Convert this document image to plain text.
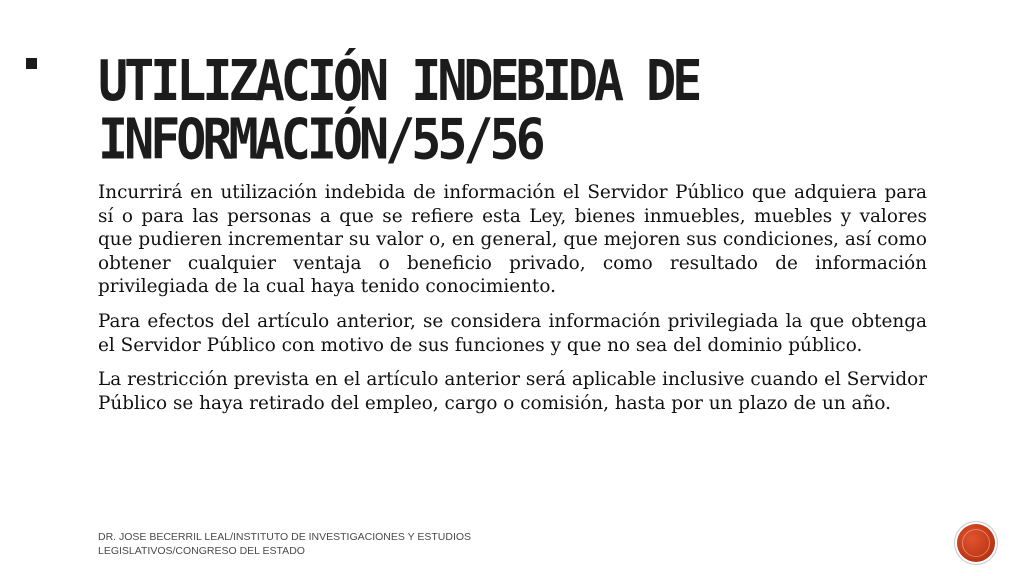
UTILIZACIÓN INDEBIDA DE
INFORMACIÓN/55/56

Incurrirá en utilización indebida de información el Servidor Público que adquiera para sí o para las personas a que se refiere esta Ley, bienes inmuebles, muebles y valores que pudieren incrementar su valor o, en general, que mejoren sus condiciones, así como obtener cualquier ventaja o beneficio privado, como resultado de información privilegiada de la cual haya tenido conocimiento.

Para efectos del artículo anterior, se considera información privilegiada la que obtenga el Servidor Público con motivo de sus funciones y que no sea del dominio público.

La restricción prevista en el artículo anterior será aplicable inclusive cuando el Servidor Público se haya retirado del empleo, cargo o comisión, hasta por un plazo de un año.

DR. JOSE BECERRIL LEAL/INSTITUTO DE INVESTIGACIONES Y ESTUDIOS
LEGISLATIVOS/CONGRESO DEL ESTADO
